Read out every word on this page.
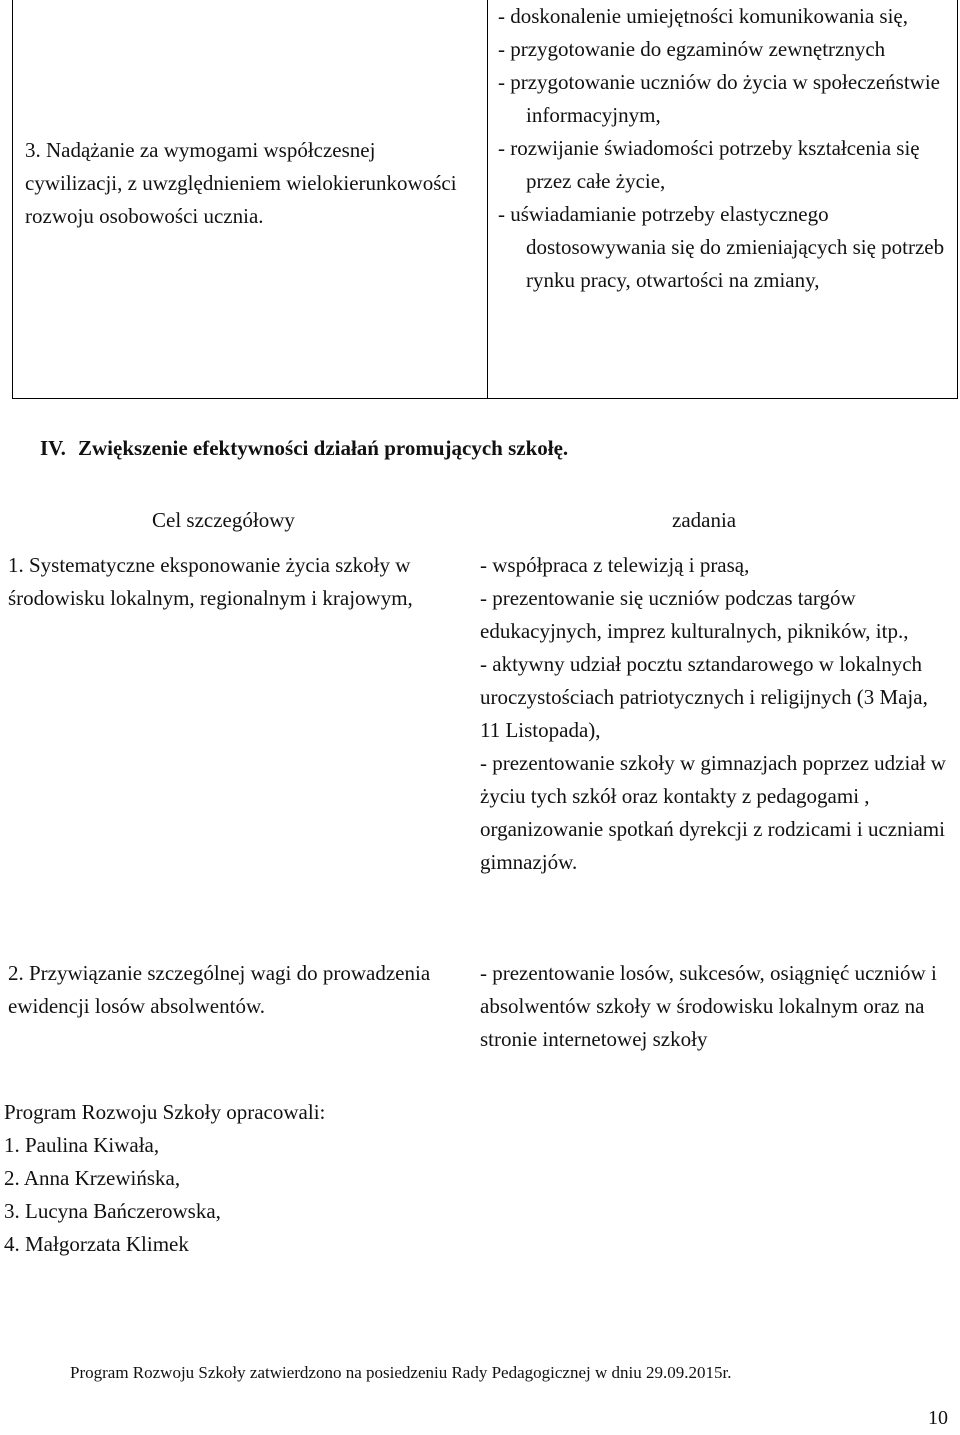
3. Nadążanie za wymogami współczesnej cywilizacji, z uwzględnieniem wielokierunkowości rozwoju osobowości ucznia.
- doskonalenie umiejętności komunikowania się,
- przygotowanie do egzaminów zewnętrznych
- przygotowanie uczniów do życia w społeczeństwie informacyjnym,
- rozwijanie świadomości potrzeby kształcenia się przez całe życie,
- uświadamianie potrzeby elastycznego dostosowywania się do zmieniających się potrzeb rynku pracy, otwartości na zmiany,
IV. Zwiększenie efektywności działań promujących szkołę.
Cel szczegółowy	zadania
1. Systematyczne eksponowanie życia szkoły w środowisku lokalnym, regionalnym i krajowym,
- współpraca z telewizją i prasą,
- prezentowanie się uczniów podczas targów edukacyjnych, imprez kulturalnych, pikników, itp.,
- aktywny udział pocztu sztandarowego w lokalnych uroczystościach patriotycznych i religijnych (3 Maja, 11 Listopada),
- prezentowanie szkoły w gimnazjach poprzez udział w życiu tych szkół oraz kontakty z pedagogami , organizowanie spotkań dyrekcji z rodzicami i uczniami gimnazjów.
2. Przywiązanie szczególnej wagi do prowadzenia ewidencji losów absolwentów.
- prezentowanie losów, sukcesów, osiągnięć uczniów i absolwentów szkoły w środowisku lokalnym oraz na stronie internetowej szkoły
Program Rozwoju Szkoły opracowali:
1. Paulina Kiwała,
2. Anna Krzewińska,
3. Lucyna Bańczerowska,
4. Małgorzata Klimek
Program Rozwoju Szkoły zatwierdzono na posiedzeniu Rady Pedagogicznej w dniu 29.09.2015r.
10
